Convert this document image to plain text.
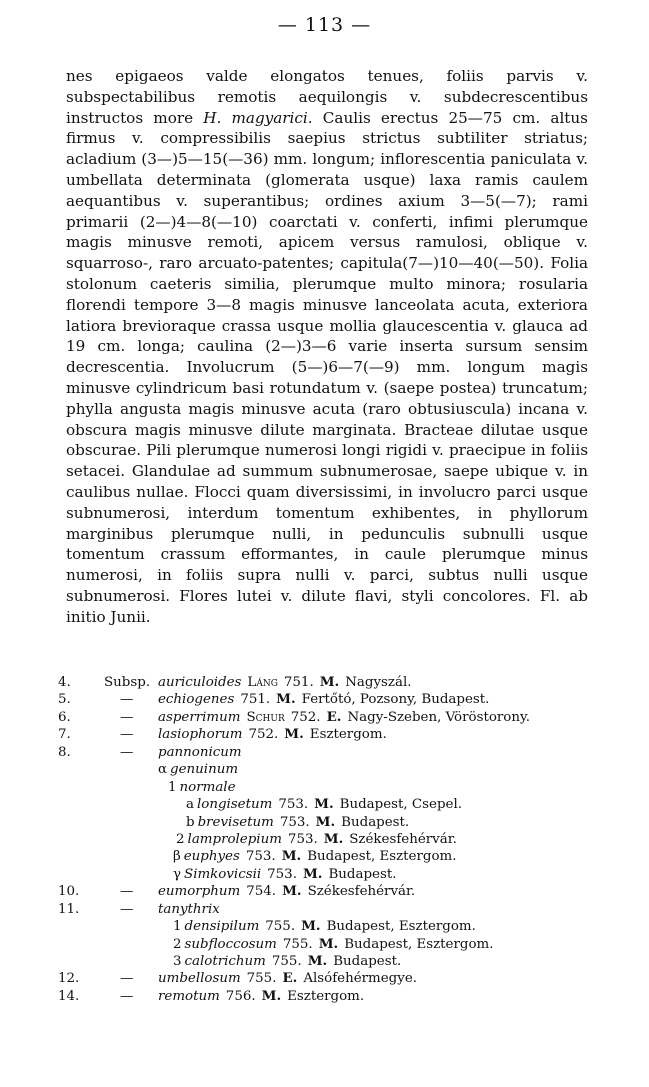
— 113 —

nes epigaeos valde elongatos tenues, foliis parvis v. subspectabilibus remotis aequilongis v. subdecrescentibus instructos more H. magyarici. Caulis erectus 25—75 cm. altus firmus v. compressibilis saepius strictus subtiliter striatus; acladium (3—)5—15(—36) mm. longum; inflorescentia paniculata v. umbellata determinata (glomerata usque) laxa ramis caulem aequantibus v. superantibus; ordines axium 3—5(—7); rami primarii (2—)4—8(—10) coarctati v. conferti, infimi plerumque magis minusve remoti, apicem versus ramulosi, oblique v. squarroso-, raro arcuato-patentes; capitula(7—)10—40(—50). Folia stolonum caeteris similia, plerumque multo minora; rosularia florendi tempore 3—8 magis minusve lanceolata acuta, exteriora latiora brevioraque crassa usque mollia glaucescentia v. glauca ad 19 cm. longa; caulina (2—)3—6 varie inserta sursum sensim decrescentia. Involucrum (5—)6—7(—9) mm. longum magis minusve cylindricum basi rotundatum v. (saepe postea) truncatum; phylla angusta magis minusve acuta (raro obtusiuscula) incana v. obscura magis minusve dilute marginata. Bracteae dilutae usque obscurae. Pili plerumque numerosi longi rigidi v. praecipue in foliis setacei. Glandulae ad summum subnumerosae, saepe ubique v. in caulibus nullae. Flocci quam diversissimi, in involucro parci usque subnumerosi, interdum tomentum exhibentes, in phyllorum marginibus plerumque nulli, in pedunculis subnulli usque tomentum crassum efformantes, in caule plerumque minus numerosi, in foliis supra nulli v. parci, subtus nulli usque subnumerosi. Flores lutei v. dilute flavi, styli concolores. Fl. ab initio Junii.

4.	Subsp. auriculoides Láng 751. M. Nagyszál.
5.	— echiogenes 751. M. Fertőtó, Pozsony, Budapest.
6.	— asperrimum Schur 752. E. Nagy-Szeben, Vöröstorony.
7.	— lasiophorum 752. M. Esztergom.
8.	— pannonicum
α genuinum
1 normale
a longisetum 753. M. Budapest, Csepel.
b brevisetum 753. M. Budapest.
2 lamprolepium 753. M. Székesfehérvár.
β euphyes 753. M. Budapest, Esztergom.
γ Simkovicsii 753. M. Budapest.
10.	— eumorphum 754. M. Székesfehérvár.
11.	— tanythrix
1 densipilum 755. M. Budapest, Esztergom.
2 subfloccosum 755. M. Budapest, Esztergom.
3 calotrichum 755. M. Budapest.
12.	— umbellosum 755. E. Alsófehérmegye.
14.	— remotum 756. M. Esztergom.
